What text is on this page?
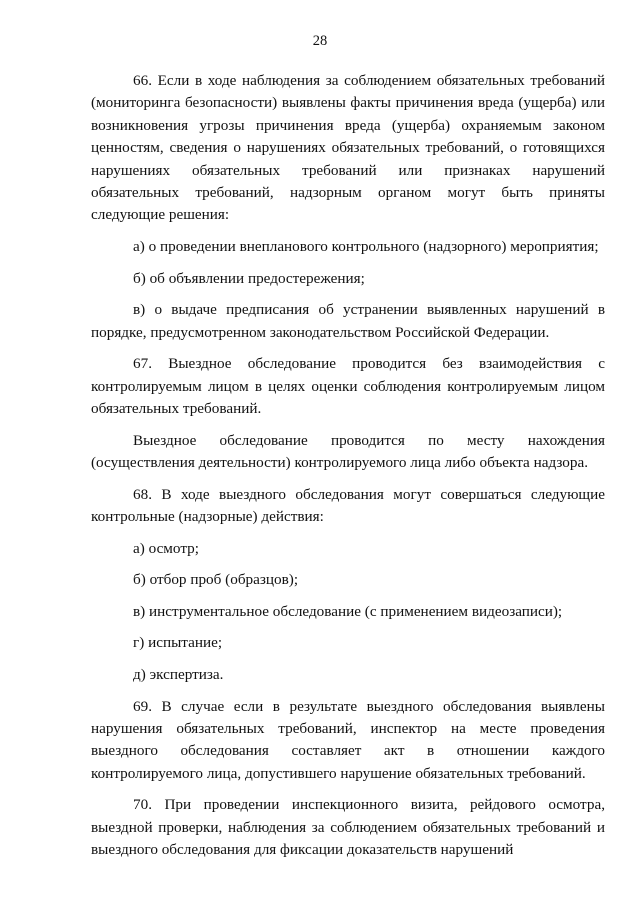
28

66. Если в ходе наблюдения за соблюдением обязательных требований (мониторинга безопасности) выявлены факты причинения вреда (ущерба) или возникновения угрозы причинения вреда (ущерба) охраняемым законом ценностям, сведения о нарушениях обязательных требований, о готовящихся нарушениях обязательных требований или признаках нарушений обязательных требований, надзорным органом могут быть приняты следующие решения:

а) о проведении внепланового контрольного (надзорного) мероприятия;

б) об объявлении предостережения;

в) о выдаче предписания об устранении выявленных нарушений в порядке, предусмотренном законодательством Российской Федерации.

67. Выездное обследование проводится без взаимодействия с контролируемым лицом в целях оценки соблюдения контролируемым лицом обязательных требований.

Выездное обследование проводится по месту нахождения (осуществления деятельности) контролируемого лица либо объекта надзора.

68. В ходе выездного обследования могут совершаться следующие контрольные (надзорные) действия:

а) осмотр;

б) отбор проб (образцов);

в) инструментальное обследование (с применением видеозаписи);

г) испытание;

д) экспертиза.

69. В случае если в результате выездного обследования выявлены нарушения обязательных требований, инспектор на месте проведения выездного обследования составляет акт в отношении каждого контролируемого лица, допустившего нарушение обязательных требований.

70. При проведении инспекционного визита, рейдового осмотра, выездной проверки, наблюдения за соблюдением обязательных требований и выездного обследования для фиксации доказательств нарушений
